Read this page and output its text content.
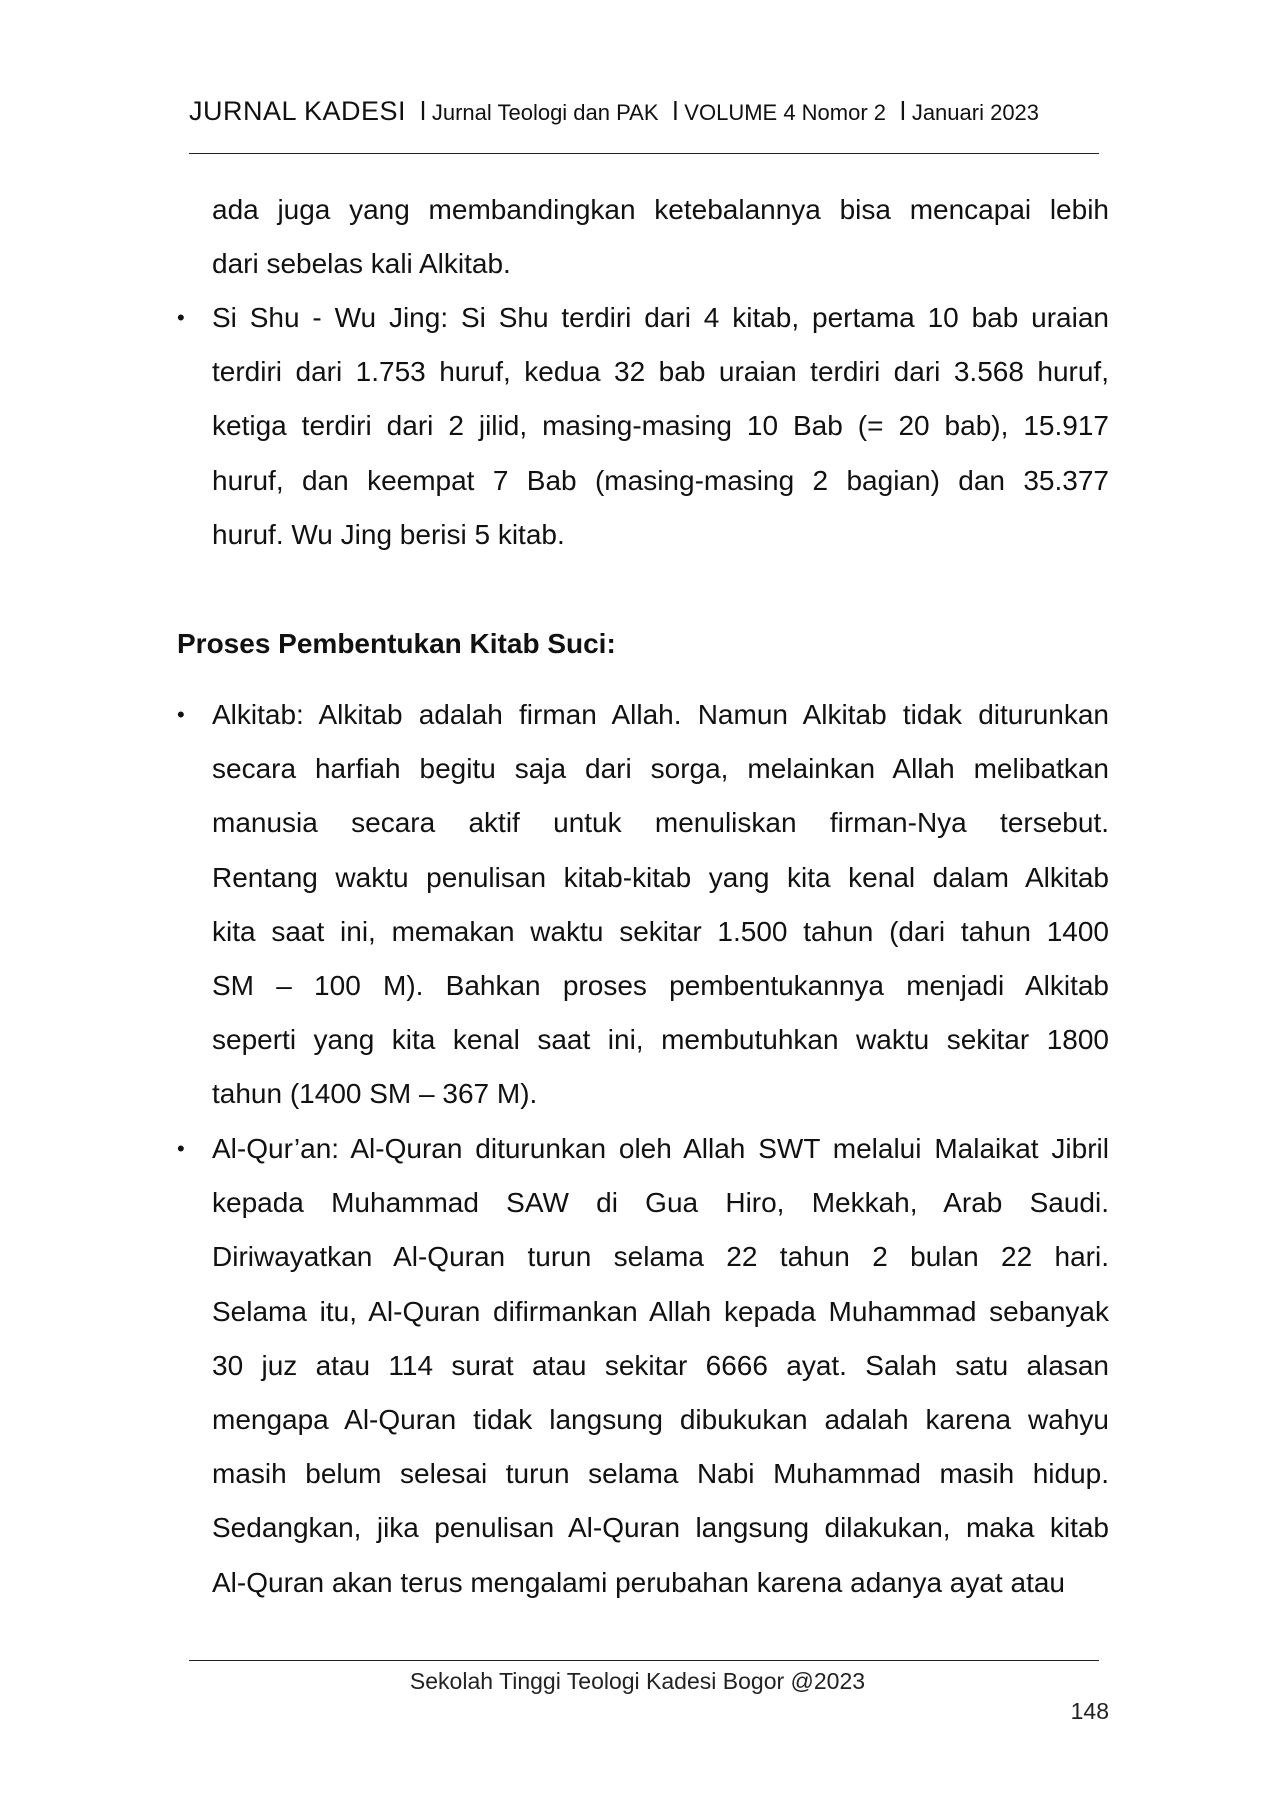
JURNAL KADESI l Jurnal Teologi dan PAK l VOLUME 4 Nomor 2 l Januari 2023
ada juga yang membandingkan ketebalannya bisa mencapai lebih
dari sebelas kali Alkitab.
• Si Shu - Wu Jing: Si Shu terdiri dari 4 kitab, pertama 10 bab uraian
terdiri dari 1.753 huruf, kedua 32 bab uraian terdiri dari 3.568 huruf,
ketiga terdiri dari 2 jilid, masing-masing 10 Bab (= 20 bab), 15.917
huruf, dan keempat 7 Bab (masing-masing 2 bagian) dan 35.377
huruf. Wu Jing berisi 5 kitab.
• Alkitab: Alkitab adalah firman Allah. Namun Alkitab tidak diturunkan
secara harfiah begitu saja dari sorga, melainkan Allah melibatkan
manusia secara aktif untuk menuliskan firman-Nya tersebut.
Rentang waktu penulisan kitab-kitab yang kita kenal dalam Alkitab
kita saat ini, memakan waktu sekitar 1.500 tahun (dari tahun 1400
SM – 100 M). Bahkan proses pembentukannya menjadi Alkitab
seperti yang kita kenal saat ini, membutuhkan waktu sekitar 1800
tahun (1400 SM – 367 M).
• Al-Qur’an: Al-Quran diturunkan oleh Allah SWT melalui Malaikat Jibril
kepada Muhammad SAW di Gua Hiro, Mekkah, Arab Saudi.
Diriwayatkan Al-Quran turun selama 22 tahun 2 bulan 22 hari.
Selama itu, Al-Quran difirmankan Allah kepada Muhammad sebanyak
30 juz atau 114 surat atau sekitar 6666 ayat. Salah satu alasan
mengapa Al-Quran tidak langsung dibukukan adalah karena wahyu
masih belum selesai turun selama Nabi Muhammad masih hidup.
Sedangkan, jika penulisan Al-Quran langsung dilakukan, maka kitab
Al-Quran akan terus mengalami perubahan karena adanya ayat atau
Proses Pembentukan Kitab Suci:
Sekolah Tinggi Teologi Kadesi Bogor @2023
148
